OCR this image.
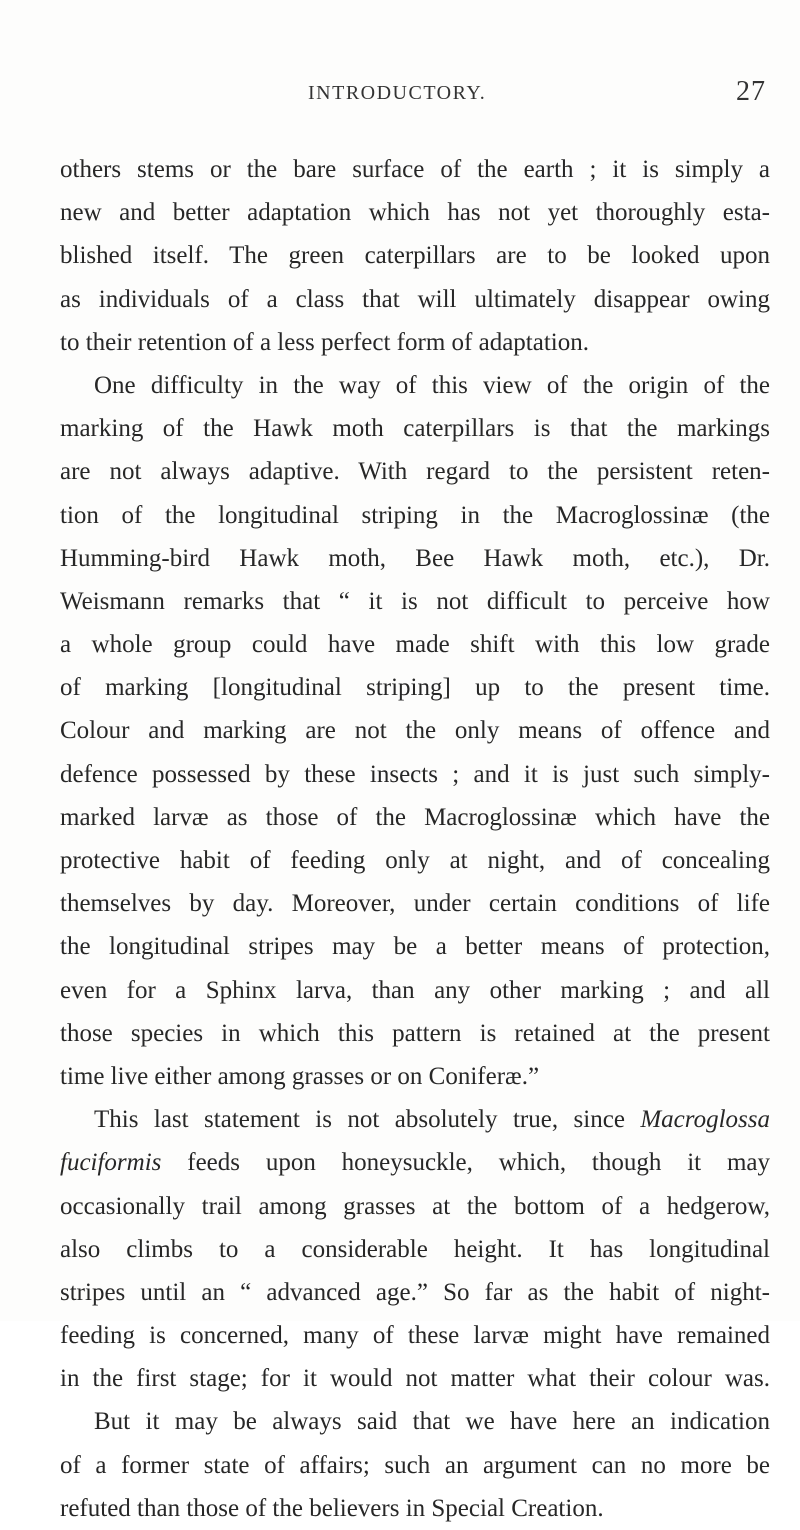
INTRODUCTORY.	27
others stems or the bare surface of the earth ; it is simply a
new and better adaptation which has not yet thoroughly esta-
blished itself. The green caterpillars are to be looked upon
as individuals of a class that will ultimately disappear owing
to their retention of a less perfect form of adaptation.
One difficulty in the way of this view of the origin of the
marking of the Hawk moth caterpillars is that the markings
are not always adaptive. With regard to the persistent reten-
tion of the longitudinal striping in the Macroglossinæ (the
Humming-bird Hawk moth, Bee Hawk moth, etc.), Dr.
Weismann remarks that “ it is not difficult to perceive how
a whole group could have made shift with this low grade
of marking [longitudinal striping] up to the present time.
Colour and marking are not the only means of offence and
defence possessed by these insects ; and it is just such simply-
marked larvæ as those of the Macroglossinæ which have the
protective habit of feeding only at night, and of concealing
themselves by day. Moreover, under certain conditions of life
the longitudinal stripes may be a better means of protection,
even for a Sphinx larva, than any other marking ; and all
those species in which this pattern is retained at the present
time live either among grasses or on Coniferæ.”
This last statement is not absolutely true, since Macroglossa
fuciformis feeds upon honeysuckle, which, though it may
occasionally trail among grasses at the bottom of a hedgerow,
also climbs to a considerable height. It has longitudinal
stripes until an “ advanced age.” So far as the habit of night-
feeding is concerned, many of these larvæ might have remained
in the first stage; for it would not matter what their colour was.
But it may be always said that we have here an indication
of a former state of affairs; such an argument can no more be
refuted than those of the believers in Special Creation.
